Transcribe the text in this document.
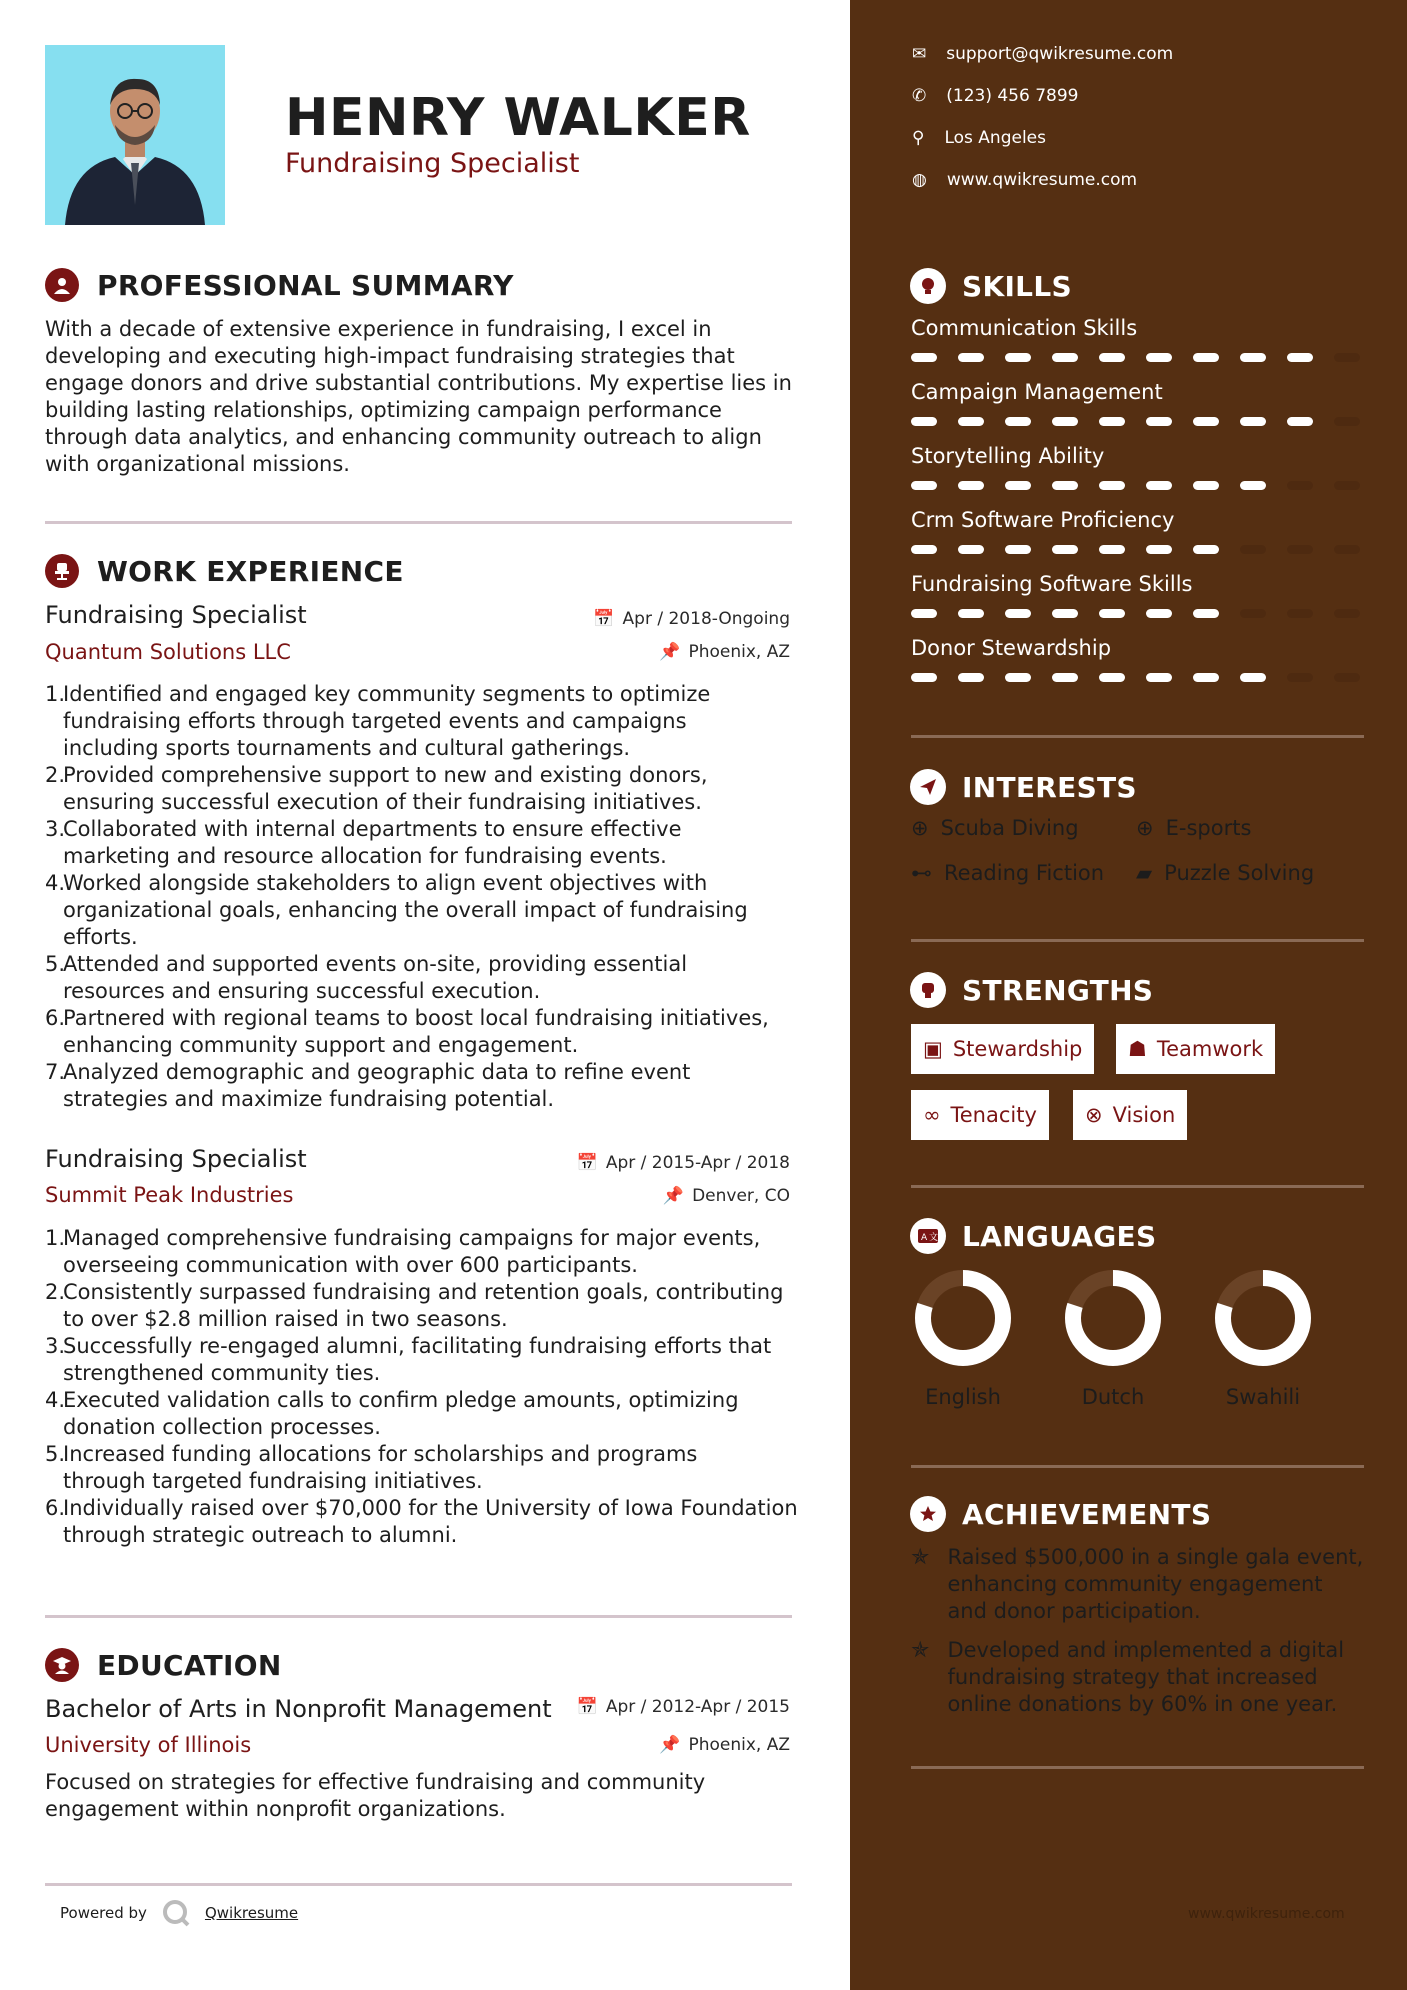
HENRY WALKER
Fundraising Specialist
PROFESSIONAL SUMMARY
With a decade of extensive experience in fundraising, I excel in
developing and executing high-impact fundraising strategies that
engage donors and drive substantial contributions. My expertise lies in
building lasting relationships, optimizing campaign performance
through data analytics, and enhancing community outreach to align
with organizational missions.
WORK EXPERIENCE
Fundraising Specialist
Quantum Solutions LLC
📅 Apr / 2018-Ongoing
📌 Phoenix, AZ
1.
Identified and engaged key community segments to optimize
fundraising efforts through targeted events and campaigns
including sports tournaments and cultural gatherings.
2.
Provided comprehensive support to new and existing donors,
ensuring successful execution of their fundraising initiatives.
3.
Collaborated with internal departments to ensure effective
marketing and resource allocation for fundraising events.
4.
Worked alongside stakeholders to align event objectives with
organizational goals, enhancing the overall impact of fundraising
efforts.
5.
Attended and supported events on-site, providing essential
resources and ensuring successful execution.
6.
Partnered with regional teams to boost local fundraising initiatives,
enhancing community support and engagement.
7.
Analyzed demographic and geographic data to refine event
strategies and maximize fundraising potential.
Fundraising Specialist
Summit Peak Industries
📅 Apr / 2015-Apr / 2018
📌 Denver, CO
1.
Managed comprehensive fundraising campaigns for major events,
overseeing communication with over 600 participants.
2.
Consistently surpassed fundraising and retention goals, contributing
to over $2.8 million raised in two seasons.
3.
Successfully re-engaged alumni, facilitating fundraising efforts that
strengthened community ties.
4.
Executed validation calls to confirm pledge amounts, optimizing
donation collection processes.
5.
Increased funding allocations for scholarships and programs
through targeted fundraising initiatives.
6.
Individually raised over $70,000 for the University of Iowa Foundation
through strategic outreach to alumni.
EDUCATION
Bachelor of Arts in Nonprofit Management
University of Illinois
📅 Apr / 2012-Apr / 2015
📌 Phoenix, AZ
Focused on strategies for effective fundraising and community
engagement within nonprofit organizations.
Powered by	Qwikresume
✉ support@qwikresume.com
✆ (123) 456 7899
⚲ Los Angeles
◍ www.qwikresume.com
SKILLS
Communication Skills
Campaign Management
Storytelling Ability
Crm Software Proficiency
Fundraising Software Skills
Donor Stewardship
INTERESTS
⊕ Scuba Diving	⊕ E-sports
⊷ Reading Fiction ▰ Puzzle Solving
STRENGTHS
▣ Stewardship ☗ Teamwork
∞ Tenacity ⊗ Vision
A 文 LANGUAGES
English	Dutch	Swahili
ACHIEVEMENTS
✯ Raised $500,000 in a single gala event,
enhancing community engagement
and donor participation.
✯ Developed and implemented a digital
fundraising strategy that increased
online donations by 60% in one year.
www.qwikresume.com
